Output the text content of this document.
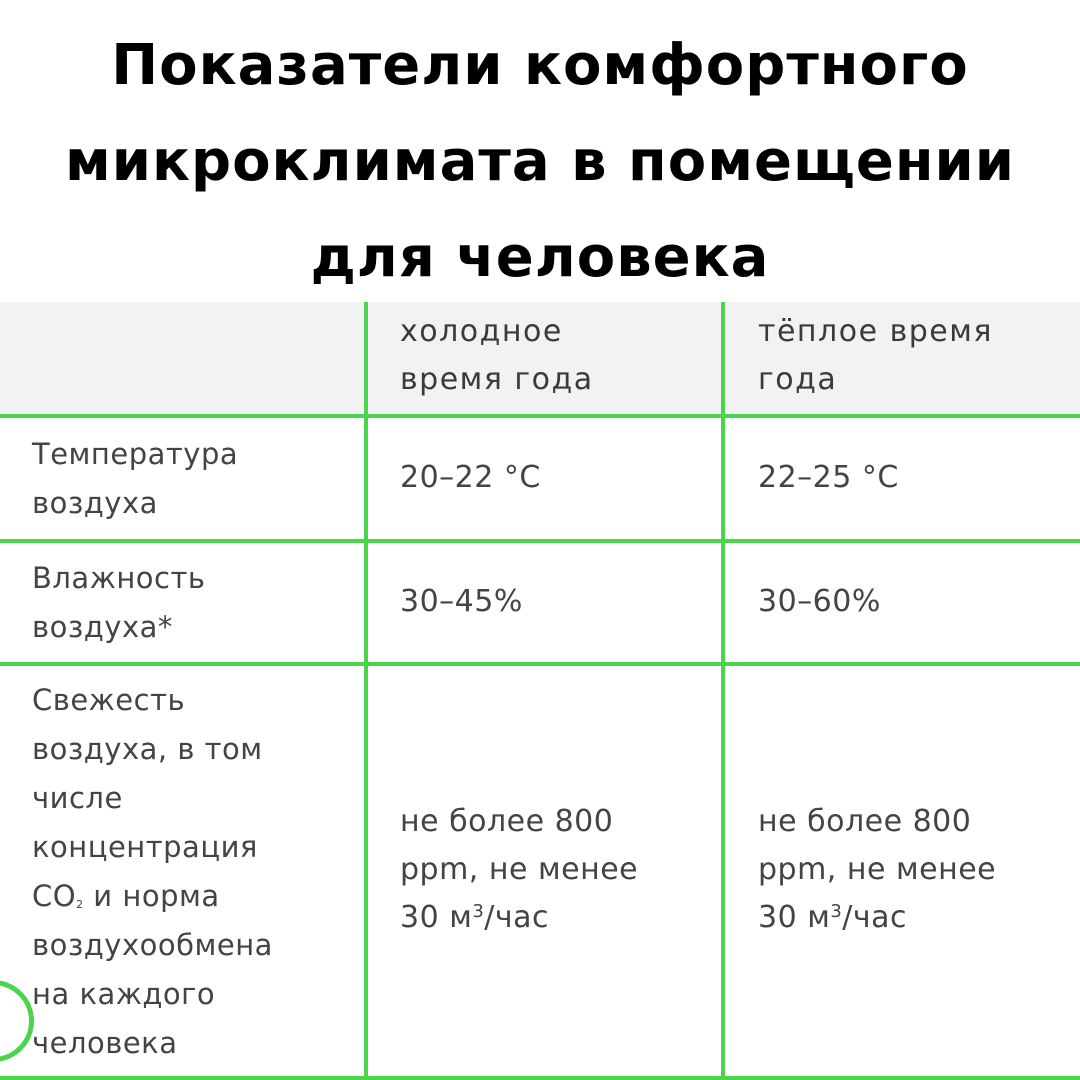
Показатели комфортного
микроклимата в помещении
для человека
холодное
время года
тёплое время
года
Температура
воздуха
20–22 °C	22–25 °C
Влажность
воздуха*
30–45%	30–60%
Свежесть
воздуха, в том
числе
концентрация
$CO_2$ и норма
воздухообмена
на каждого
человека
не более 800
ppm, не менее
30 $м^3$/час
не более 800
ppm, не менее
30 $м^3$/час
